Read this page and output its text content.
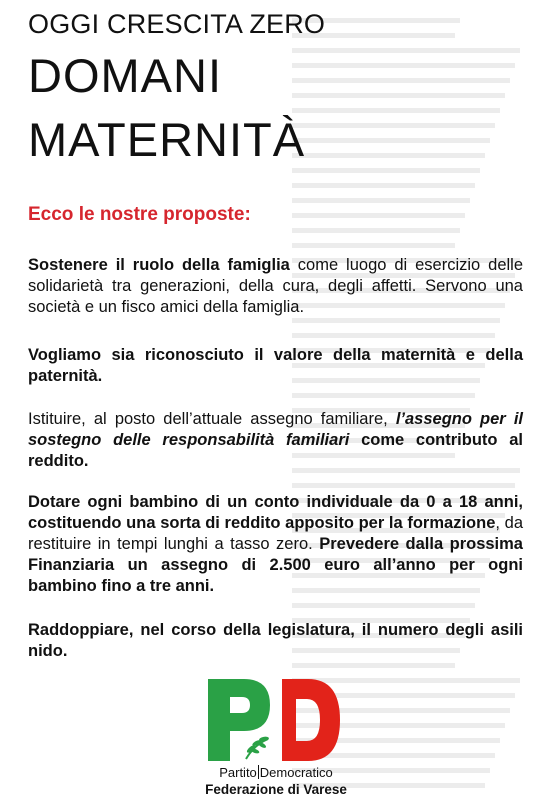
OGGI CRESCITA ZERO
DOMANI
MATERNITÀ
Ecco le nostre proposte:
Sostenere il ruolo della famiglia come luogo di esercizio delle solidarietà tra generazioni, della cura, degli affetti. Servono una società e un fisco amici della famiglia.
Vogliamo sia riconosciuto il valore della maternità e della paternità.
Istituire, al posto dell’attuale assegno familiare, l’assegno per il sostegno delle responsabilità familiari come contributo al reddito.
Dotare ogni bambino di un conto individuale da 0 a 18 anni, costituendo una sorta di reddito apposito per la formazione, da restituire in tempi lunghi a tasso zero. Prevedere dalla prossima Finanziaria un assegno di 2.500 euro all’anno per ogni bambino fino a tre anni.
Raddoppiare, nel corso della legislatura, il numero degli asili nido.
Partito Democratico
Federazione di Varese
